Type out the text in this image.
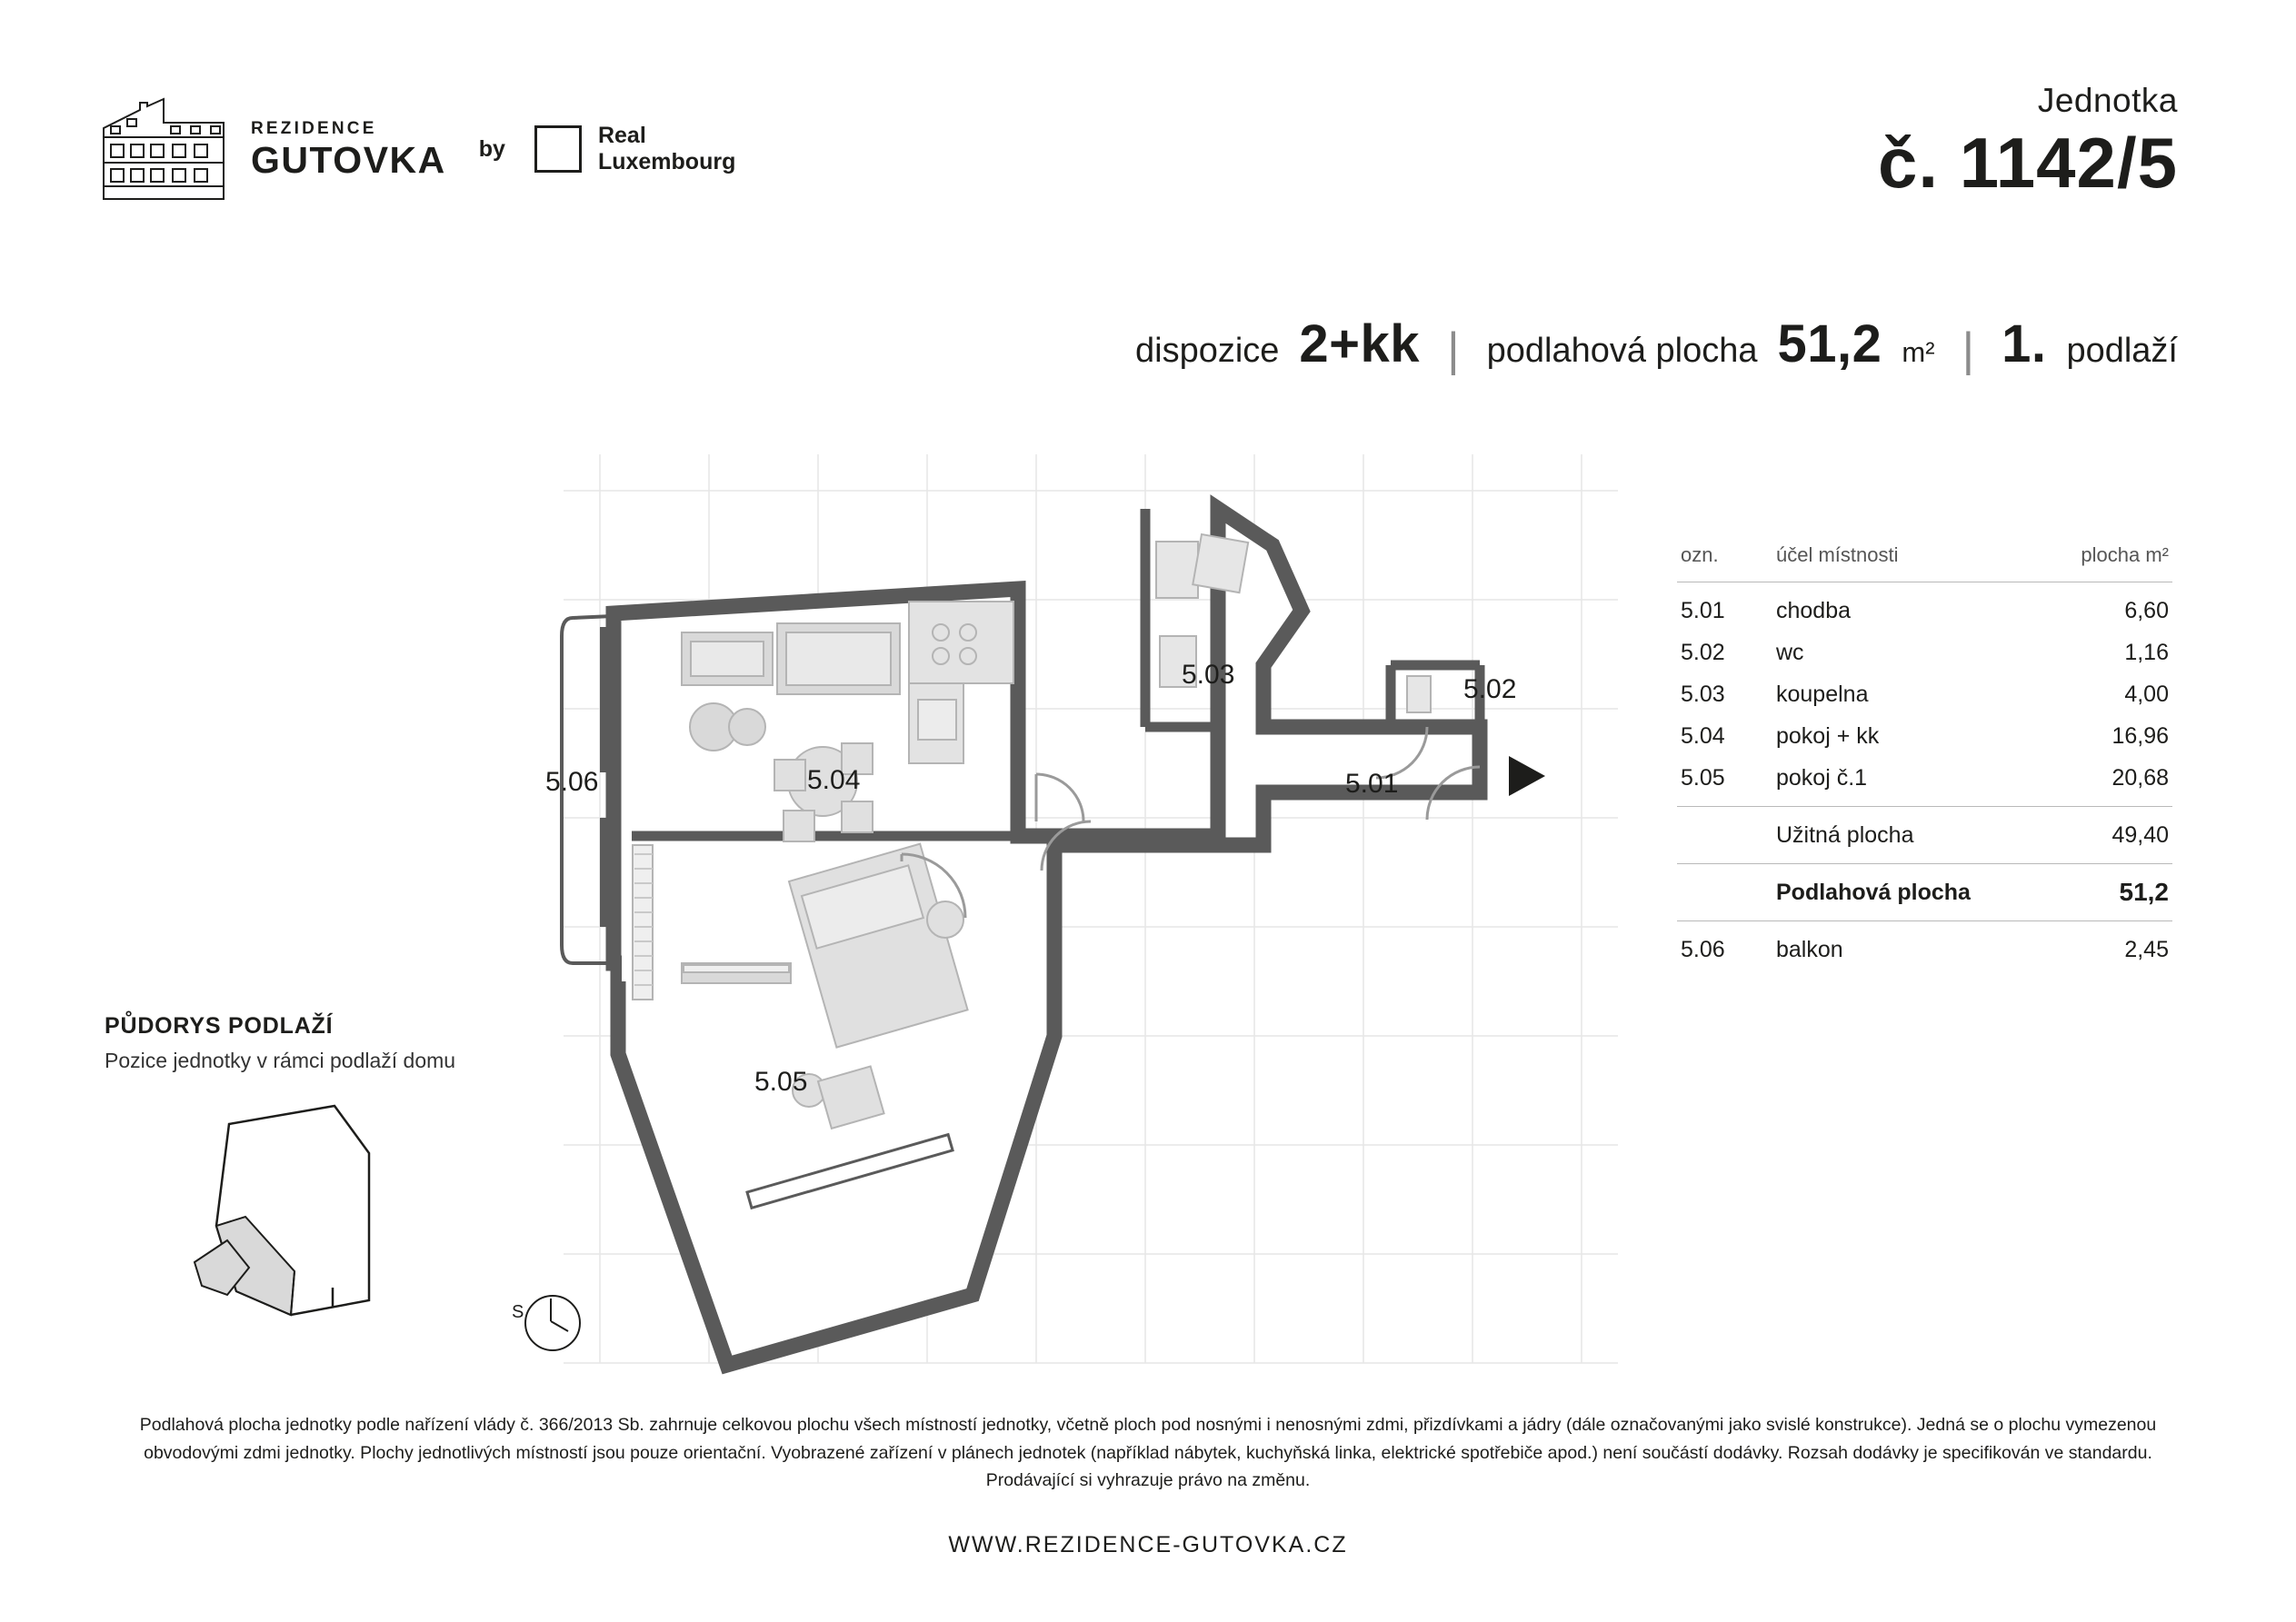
REZIDENCE
GUTOVKA by
Real
Luxembourg
Jednotka
č. 1142/5
dispozice 2+kk | podlahová plocha 51,2 m² | 1. podlaží
5.01
5.02
5.03
5.04
5.05
5.06
ozn.	účel místnosti	plocha m²
5.01	chodba	6,60
5.02	wc	1,16
5.03	koupelna	4,00
5.04	pokoj + kk	16,96
5.05	pokoj č.1	20,68
Užitná plocha	49,40
Podlahová plocha	51,2
5.06	balkon	2,45
PŮDORYS PODLAŽÍ

Pozice jednotky v rámci podlaží domu

S
Podlahová plocha jednotky podle nařízení vlády č. 366/2013 Sb. zahrnuje celkovou plochu všech místností jednotky, včetně ploch pod nosnými i nenosnými zdmi, přizdívkami a jádry (dále označovanými jako svislé konstrukce). Jedná se o plochu vymezenou obvodovými zdmi jednotky. Plochy jednotlivých místností jsou pouze orientační. Vyobrazené zařízení v plánech jednotek (například nábytek, kuchyňská linka, elektrické spotřebiče apod.) není součástí dodávky. Rozsah dodávky je specifikován ve standardu. Prodávající si vyhrazuje právo na změnu.
WWW.REZIDENCE-GUTOVKA.CZ
